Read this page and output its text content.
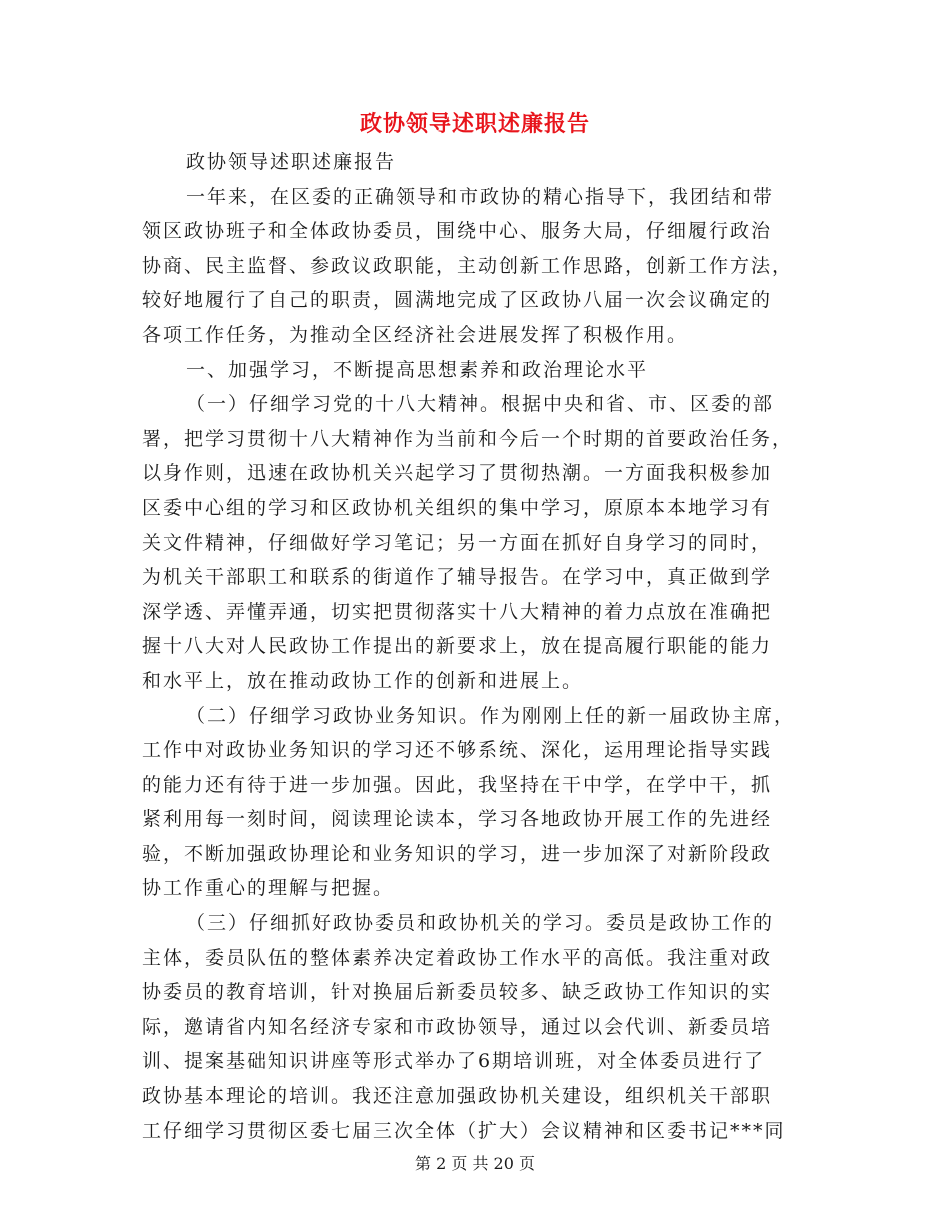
政协领导述职述廉报告
政协领导述职述廉报告
一年来，在区委的正确领导和市政协的精心指导下，我团结和带
领区政协班子和全体政协委员，围绕中心、服务大局，仔细履行政治
协商、民主监督、参政议政职能，主动创新工作思路，创新工作方法，
较好地履行了自己的职责，圆满地完成了区政协八届一次会议确定的
各项工作任务，为推动全区经济社会进展发挥了积极作用。
一、加强学习，不断提高思想素养和政治理论水平
（一）仔细学习党的十八大精神。根据中央和省、市、区委的部
署，把学习贯彻十八大精神作为当前和今后一个时期的首要政治任务，
以身作则，迅速在政协机关兴起学习了贯彻热潮。一方面我积极参加
区委中心组的学习和区政协机关组织的集中学习，原原本本地学习有
关文件精神，仔细做好学习笔记；另一方面在抓好自身学习的同时，
为机关干部职工和联系的街道作了辅导报告。在学习中，真正做到学
深学透、弄懂弄通，切实把贯彻落实十八大精神的着力点放在准确把
握十八大对人民政协工作提出的新要求上，放在提高履行职能的能力
和水平上，放在推动政协工作的创新和进展上。
（二）仔细学习政协业务知识。作为刚刚上任的新一届政协主席，
工作中对政协业务知识的学习还不够系统、深化，运用理论指导实践
的能力还有待于进一步加强。因此，我坚持在干中学，在学中干，抓
紧利用每一刻时间，阅读理论读本，学习各地政协开展工作的先进经
验，不断加强政协理论和业务知识的学习，进一步加深了对新阶段政
协工作重心的理解与把握。
（三）仔细抓好政协委员和政协机关的学习。委员是政协工作的
主体，委员队伍的整体素养决定着政协工作水平的高低。我注重对政
协委员的教育培训，针对换届后新委员较多、缺乏政协工作知识的实
际，邀请省内知名经济专家和市政协领导，通过以会代训、新委员培
训、提案基础知识讲座等形式举办了6期培训班，对全体委员进行了
政协基本理论的培训。我还注意加强政协机关建设，组织机关干部职
工仔细学习贯彻区委七届三次全体（扩大）会议精神和区委书记***同
第 2 页 共 20 页
